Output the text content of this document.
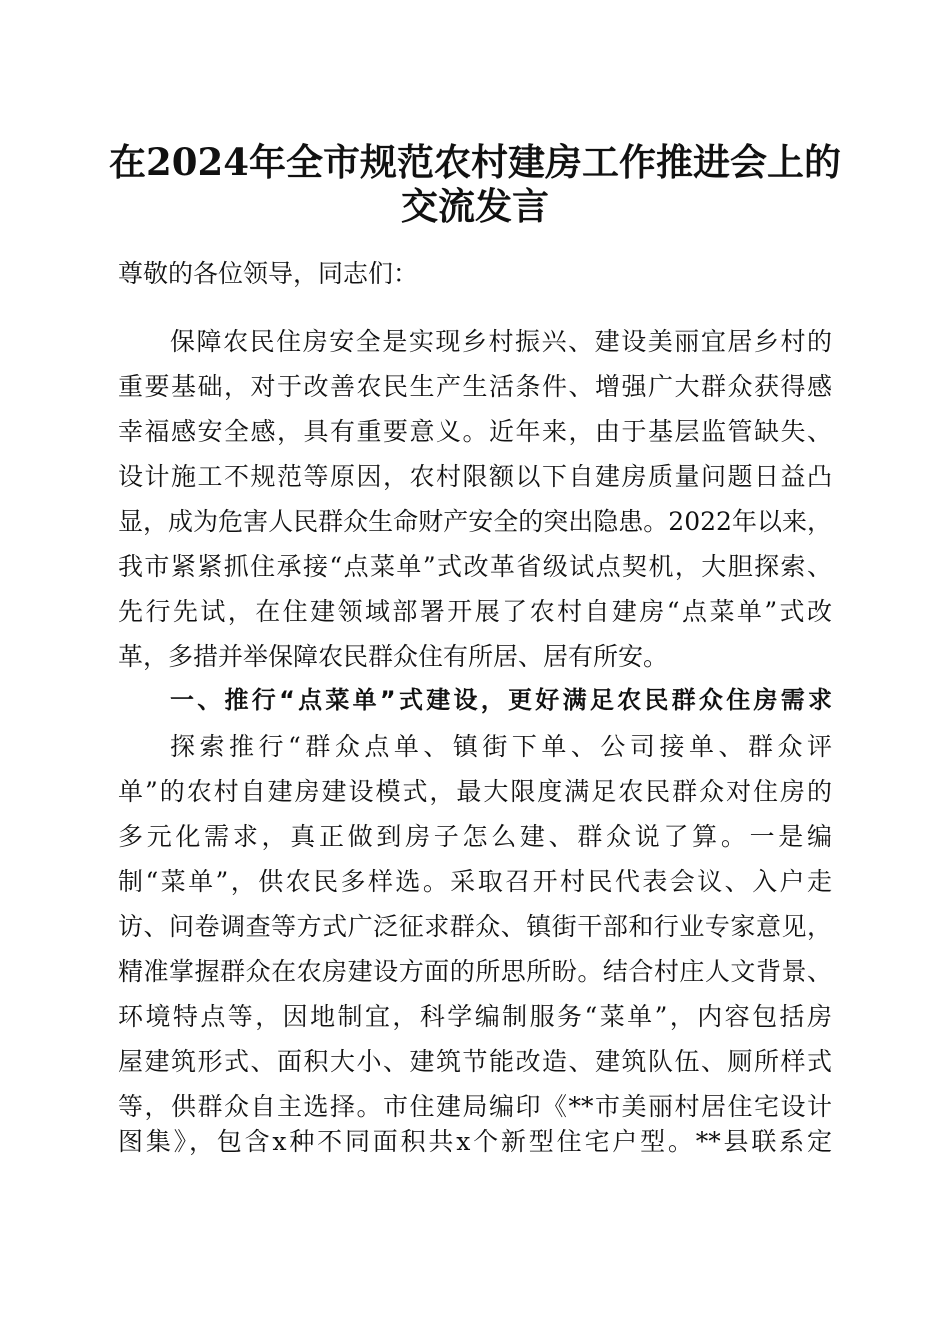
在2024年全市规范农村建房工作推进会上的
交流发言
尊敬的各位领导，同志们：
保障农民住房安全是实现乡村振兴、建设美丽宜居乡村的
重要基础，对于改善农民生产生活条件、增强广大群众获得感
幸福感安全感，具有重要意义。近年来，由于基层监管缺失、
设计施工不规范等原因，农村限额以下自建房质量问题日益凸
显，成为危害人民群众生命财产安全的突出隐患。2022年以来，
我市紧紧抓住承接“点菜单”式改革省级试点契机，大胆探索、
先行先试，在住建领域部署开展了农村自建房“点菜单”式改
革，多措并举保障农民群众住有所居、居有所安。
一、推行“点菜单”式建设，更好满足农民群众住房需求
探索推行“群众点单、镇街下单、公司接单、群众评
单”的农村自建房建设模式，最大限度满足农民群众对住房的
多元化需求，真正做到房子怎么建、群众说了算。一是编
制“菜单”，供农民多样选。采取召开村民代表会议、入户走
访、问卷调查等方式广泛征求群众、镇街干部和行业专家意见，
精准掌握群众在农房建设方面的所思所盼。结合村庄人文背景、
环境特点等，因地制宜，科学编制服务“菜单”，内容包括房
屋建筑形式、面积大小、建筑节能改造、建筑队伍、厕所样式
等，供群众自主选择。市住建局编印《**市美丽村居住宅设计
图集》，包含x种不同面积共x个新型住宅户型。**县联系定
